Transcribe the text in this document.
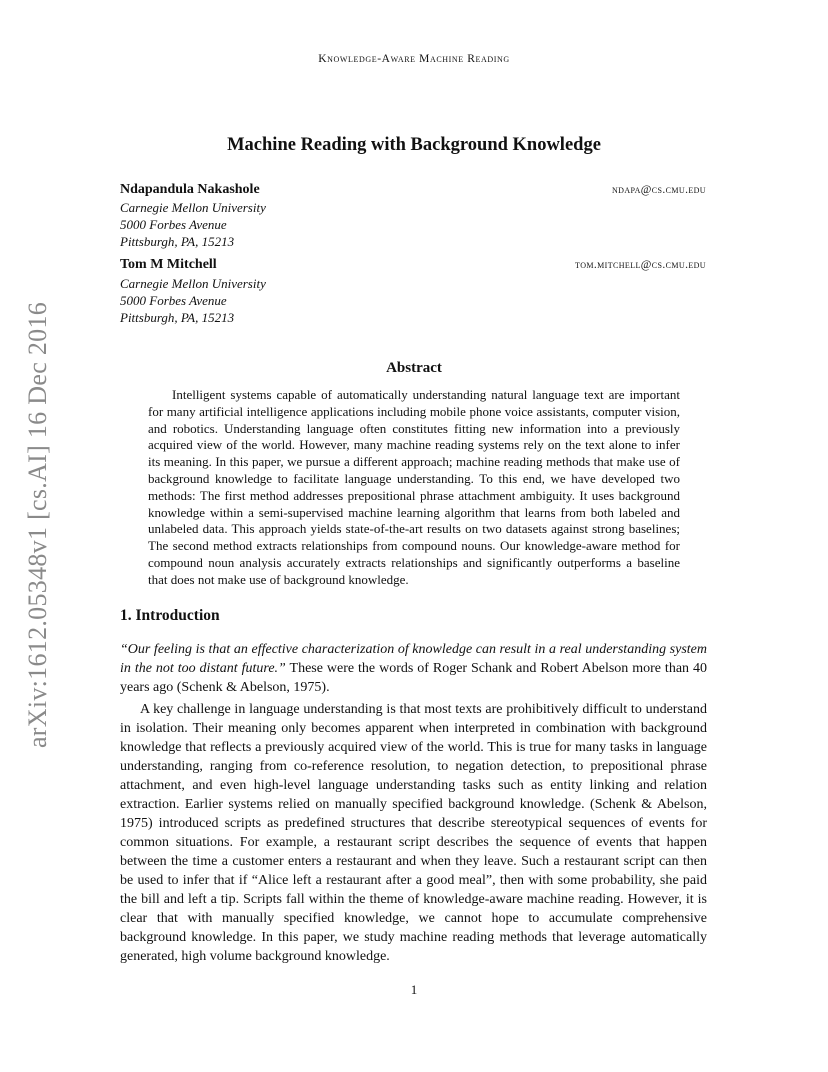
arXiv:1612.05348v1 [cs.AI] 16 Dec 2016
Knowledge-Aware Machine Reading
Machine Reading with Background Knowledge
Ndapandula Nakashole	ndapa@cs.cmu.edu
Carnegie Mellon University
5000 Forbes Avenue
Pittsburgh, PA, 15213
Tom M Mitchell	tom.mitchell@cs.cmu.edu
Carnegie Mellon University
5000 Forbes Avenue
Pittsburgh, PA, 15213
Abstract

Intelligent systems capable of automatically understanding natural language text are important for many artificial intelligence applications including mobile phone voice assistants, computer vision, and robotics. Understanding language often constitutes fitting new information into a previously acquired view of the world. However, many machine reading systems rely on the text alone to infer its meaning. In this paper, we pursue a different approach; machine reading methods that make use of background knowledge to facilitate language understanding. To this end, we have developed two methods: The first method addresses prepositional phrase attachment ambiguity. It uses background knowledge within a semi-supervised machine learning algorithm that learns from both labeled and unlabeled data. This approach yields state-of-the-art results on two datasets against strong baselines; The second method extracts relationships from compound nouns. Our knowledge-aware method for compound noun analysis accurately extracts relationships and significantly outperforms a baseline that does not make use of background knowledge.

1. Introduction

“Our feeling is that an effective characterization of knowledge can result in a real understanding system in the not too distant future.” These were the words of Roger Schank and Robert Abelson more than 40 years ago (Schenk & Abelson, 1975).

A key challenge in language understanding is that most texts are prohibitively difficult to understand in isolation. Their meaning only becomes apparent when interpreted in combination with background knowledge that reflects a previously acquired view of the world. This is true for many tasks in language understanding, ranging from co-reference resolution, to negation detection, to prepositional phrase attachment, and even high-level language understanding tasks such as entity linking and relation extraction. Earlier systems relied on manually specified background knowledge. (Schenk & Abelson, 1975) introduced scripts as predefined structures that describe stereotypical sequences of events for common situations. For example, a restaurant script describes the sequence of events that happen between the time a customer enters a restaurant and when they leave. Such a restaurant script can then be used to infer that if “Alice left a restaurant after a good meal”, then with some probability, she paid the bill and left a tip. Scripts fall within the theme of knowledge-aware machine reading. However, it is clear that with manually specified knowledge, we cannot hope to accumulate comprehensive background knowledge. In this paper, we study machine reading methods that leverage automatically generated, high volume background knowledge.

1
